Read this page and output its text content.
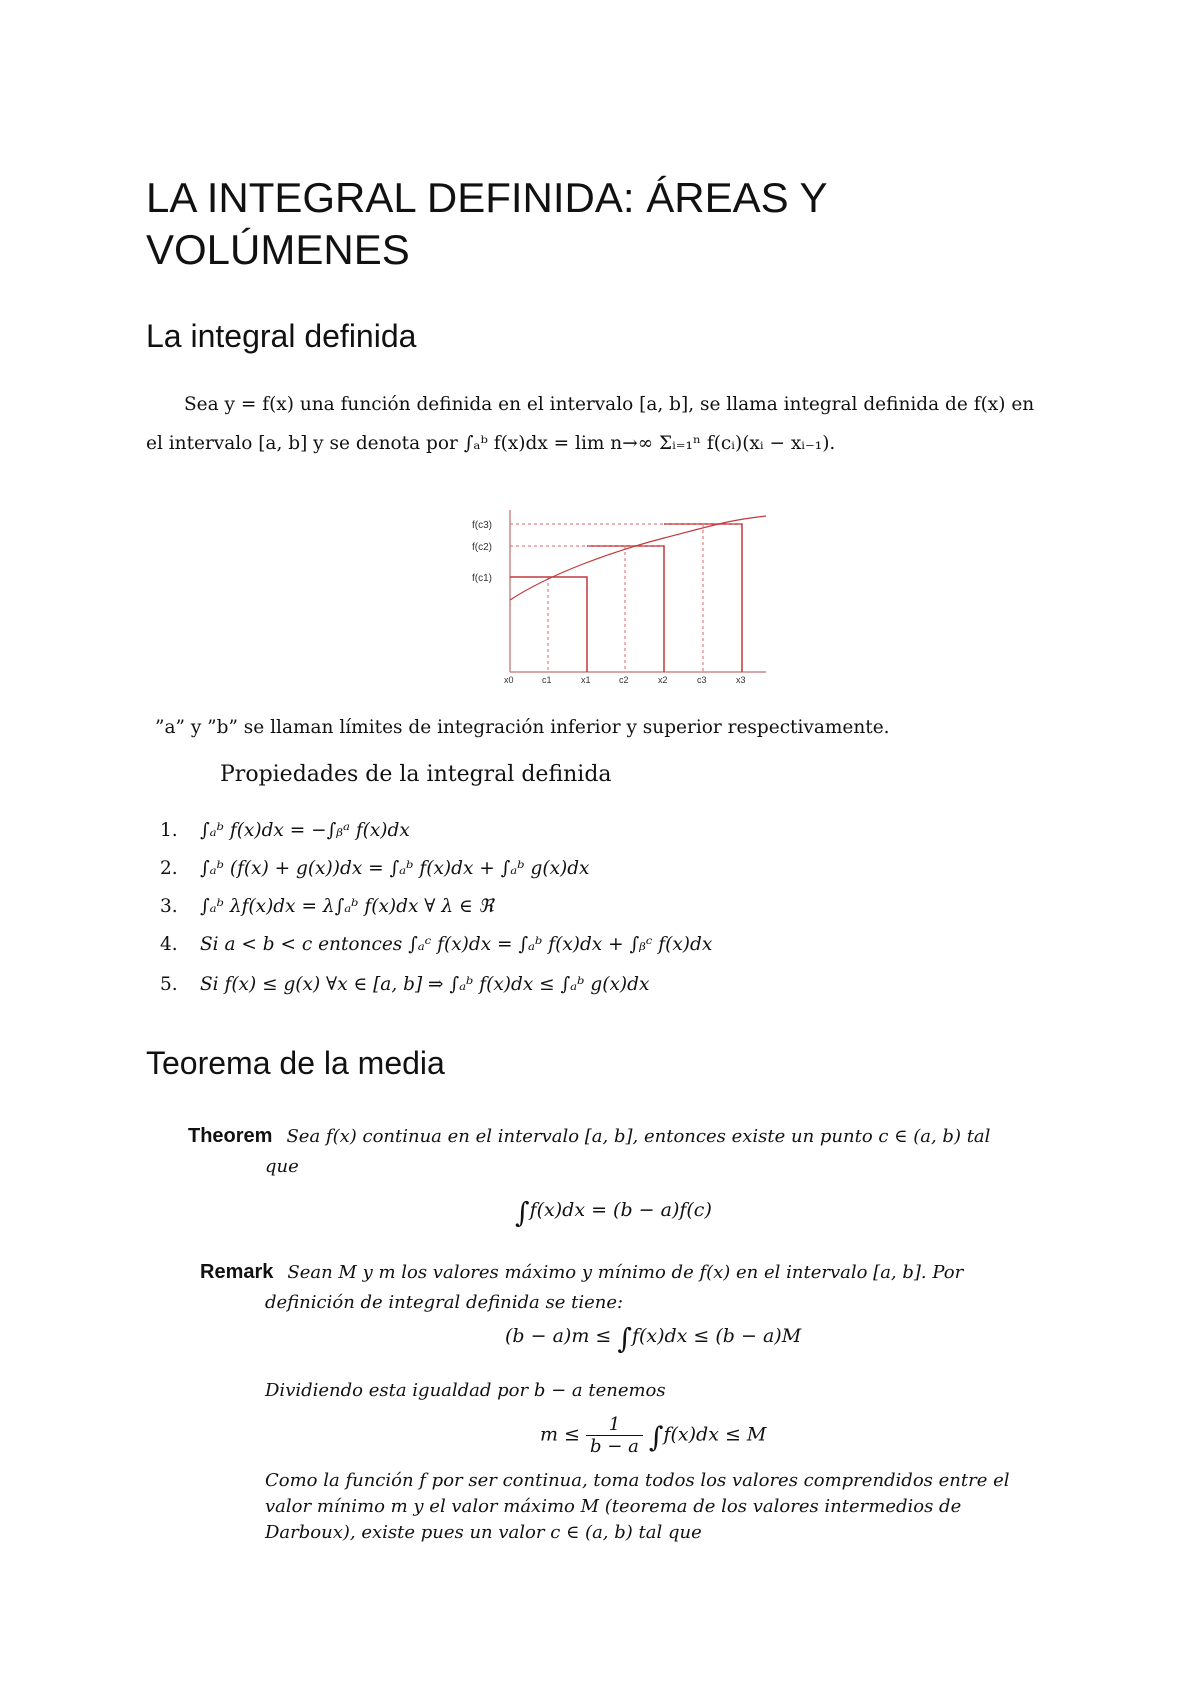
LA INTEGRAL DEFINIDA: ÁREAS Y VOLÚMENES
La integral definida
Sea y = f(x) una función definida en el intervalo [a, b], se llama integral definida de f(x) en
el intervalo [a, b] y se denota por ∫ₐᵇ f(x)dx = lim n→∞ Σᵢ₌₁ⁿ f(cᵢ)(xᵢ − xᵢ₋₁).
f(c3)
f(c2)
f(c1)
x0	c1	x1	c2	x2	c3	x3
”a” y ”b” se llaman límites de integración inferior y superior respectivamente.
Propiedades de la integral definida
1. ∫ₐᵇ f(x)dx = −∫ᵦᵃ f(x)dx
2. ∫ₐᵇ (f(x) + g(x))dx = ∫ₐᵇ f(x)dx + ∫ₐᵇ g(x)dx
3. ∫ₐᵇ λf(x)dx = λ∫ₐᵇ f(x)dx ∀ λ ∈ ℜ
4. Si a < b < c entonces ∫ₐᶜ f(x)dx = ∫ₐᵇ f(x)dx + ∫ᵦᶜ f(x)dx
5. Si f(x) ≤ g(x) ∀x ∈ [a, b] ⇒ ∫ₐᵇ f(x)dx ≤ ∫ₐᵇ g(x)dx
Teorema de la media
Theorem Sea f(x) continua en el intervalo [a, b], entonces existe un punto c ∈ (a, b) tal
que
∫f(x)dx = (b − a)f(c)
Remark Sean M y m los valores máximo y mínimo de f(x) en el intervalo [a, b]. Por
definición de integral definida se tiene:
(b − a)m ≤ ∫f(x)dx ≤ (b − a)M
Dividiendo esta igualdad por b − a tenemos
$m \le \frac{1}{b - a} \int f(x)dx \le M$
Como la función f por ser continua, toma todos los valores comprendidos entre el
valor mínimo m y el valor máximo M (teorema de los valores intermedios de
Darboux), existe pues un valor c ∈ (a, b) tal que
